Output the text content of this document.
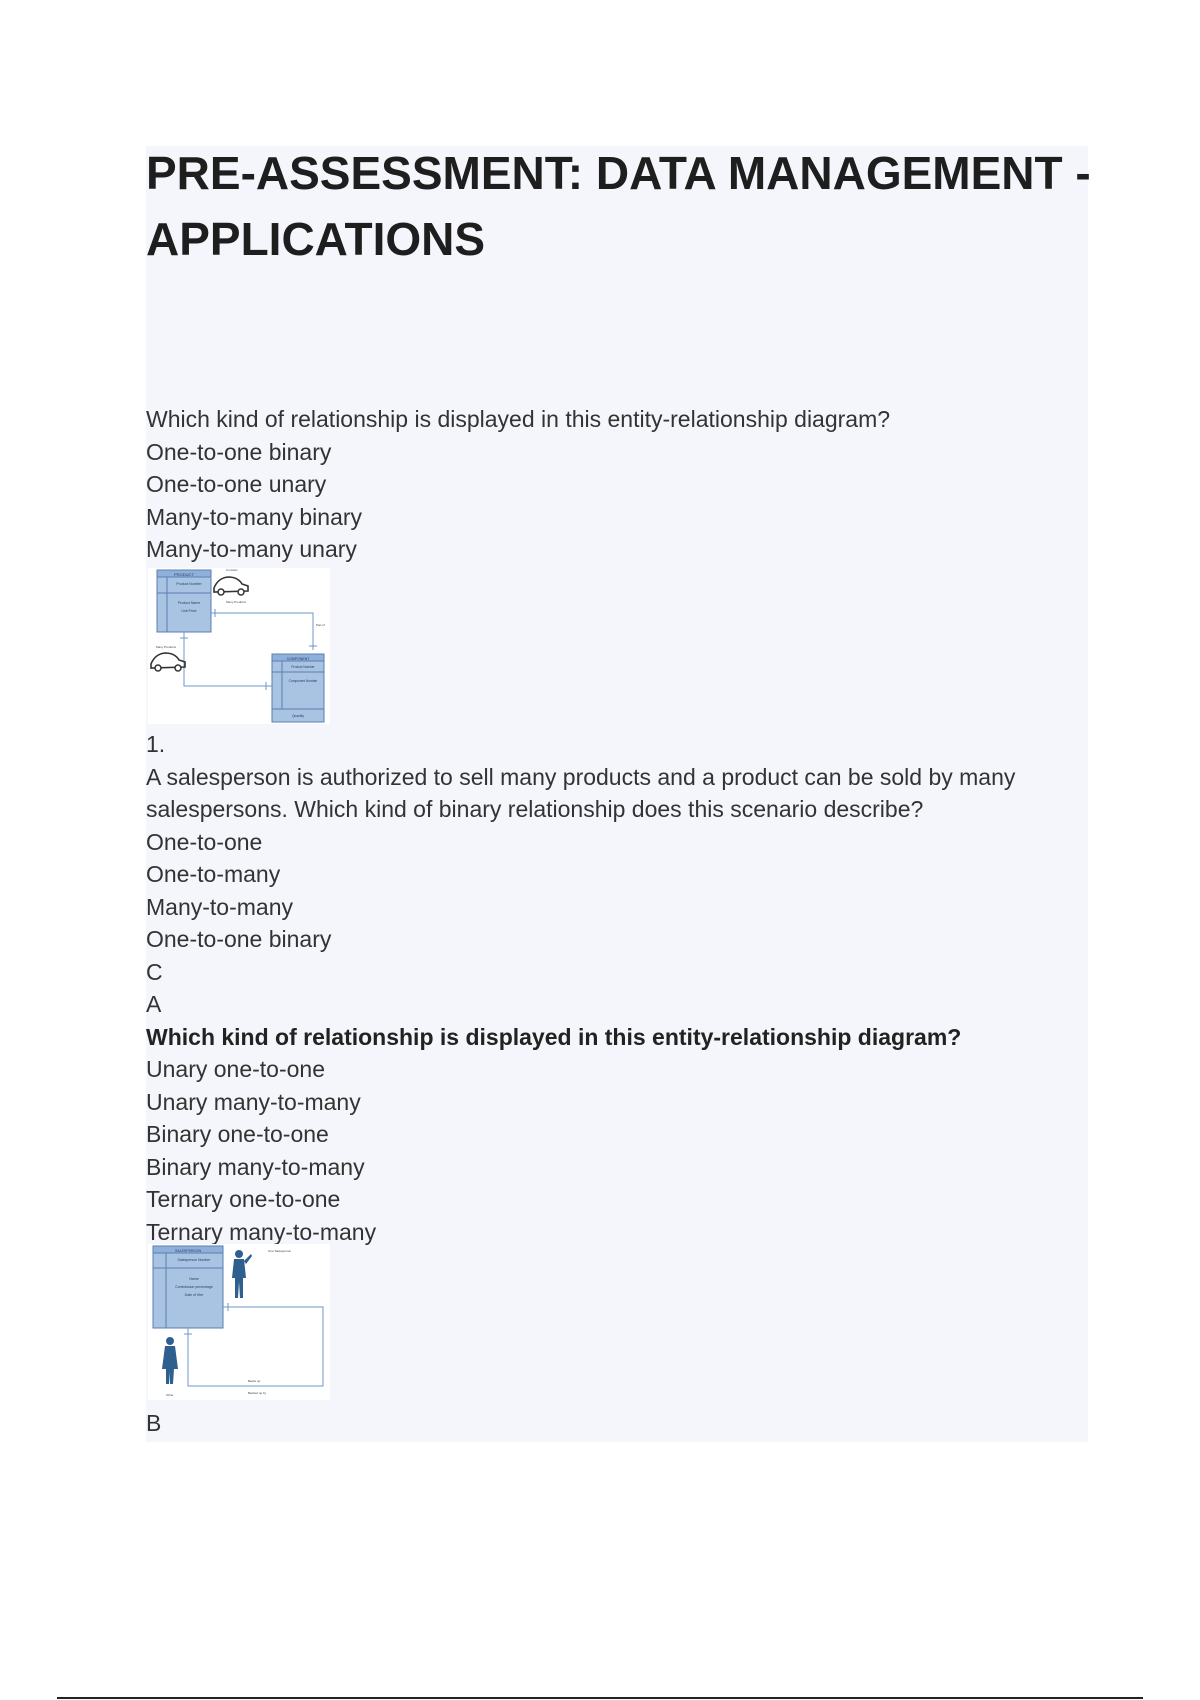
PRE-ASSESSMENT: DATA MANAGEMENT - APPLICATIONS
Which kind of relationship is displayed in this entity-relationship diagram?
One-to-one binary
One-to-one unary
Many-to-many binary
Many-to-many unary
PRODUCT
Product Number
Product Name
Unit Price
Consists
Many Products
Part of
Many Products
COMPONENT
Product Number
Component Number
Quantity
1.
A salesperson is authorized to sell many products and a product can be sold by many salespersons. Which kind of binary relationship does this scenario describe?
One-to-one
One-to-many
Many-to-many
One-to-one binary
C
A
Which kind of relationship is displayed in this entity-relationship diagram?
Unary one-to-one
Unary many-to-many
Binary one-to-one
Binary many-to-many
Ternary one-to-one
Ternary many-to-many
SALESPERSON
Salesperson Number
Name
Commission percentage
Date of Hire
One Salesperson
Backs up
Backed up by
Other
B
